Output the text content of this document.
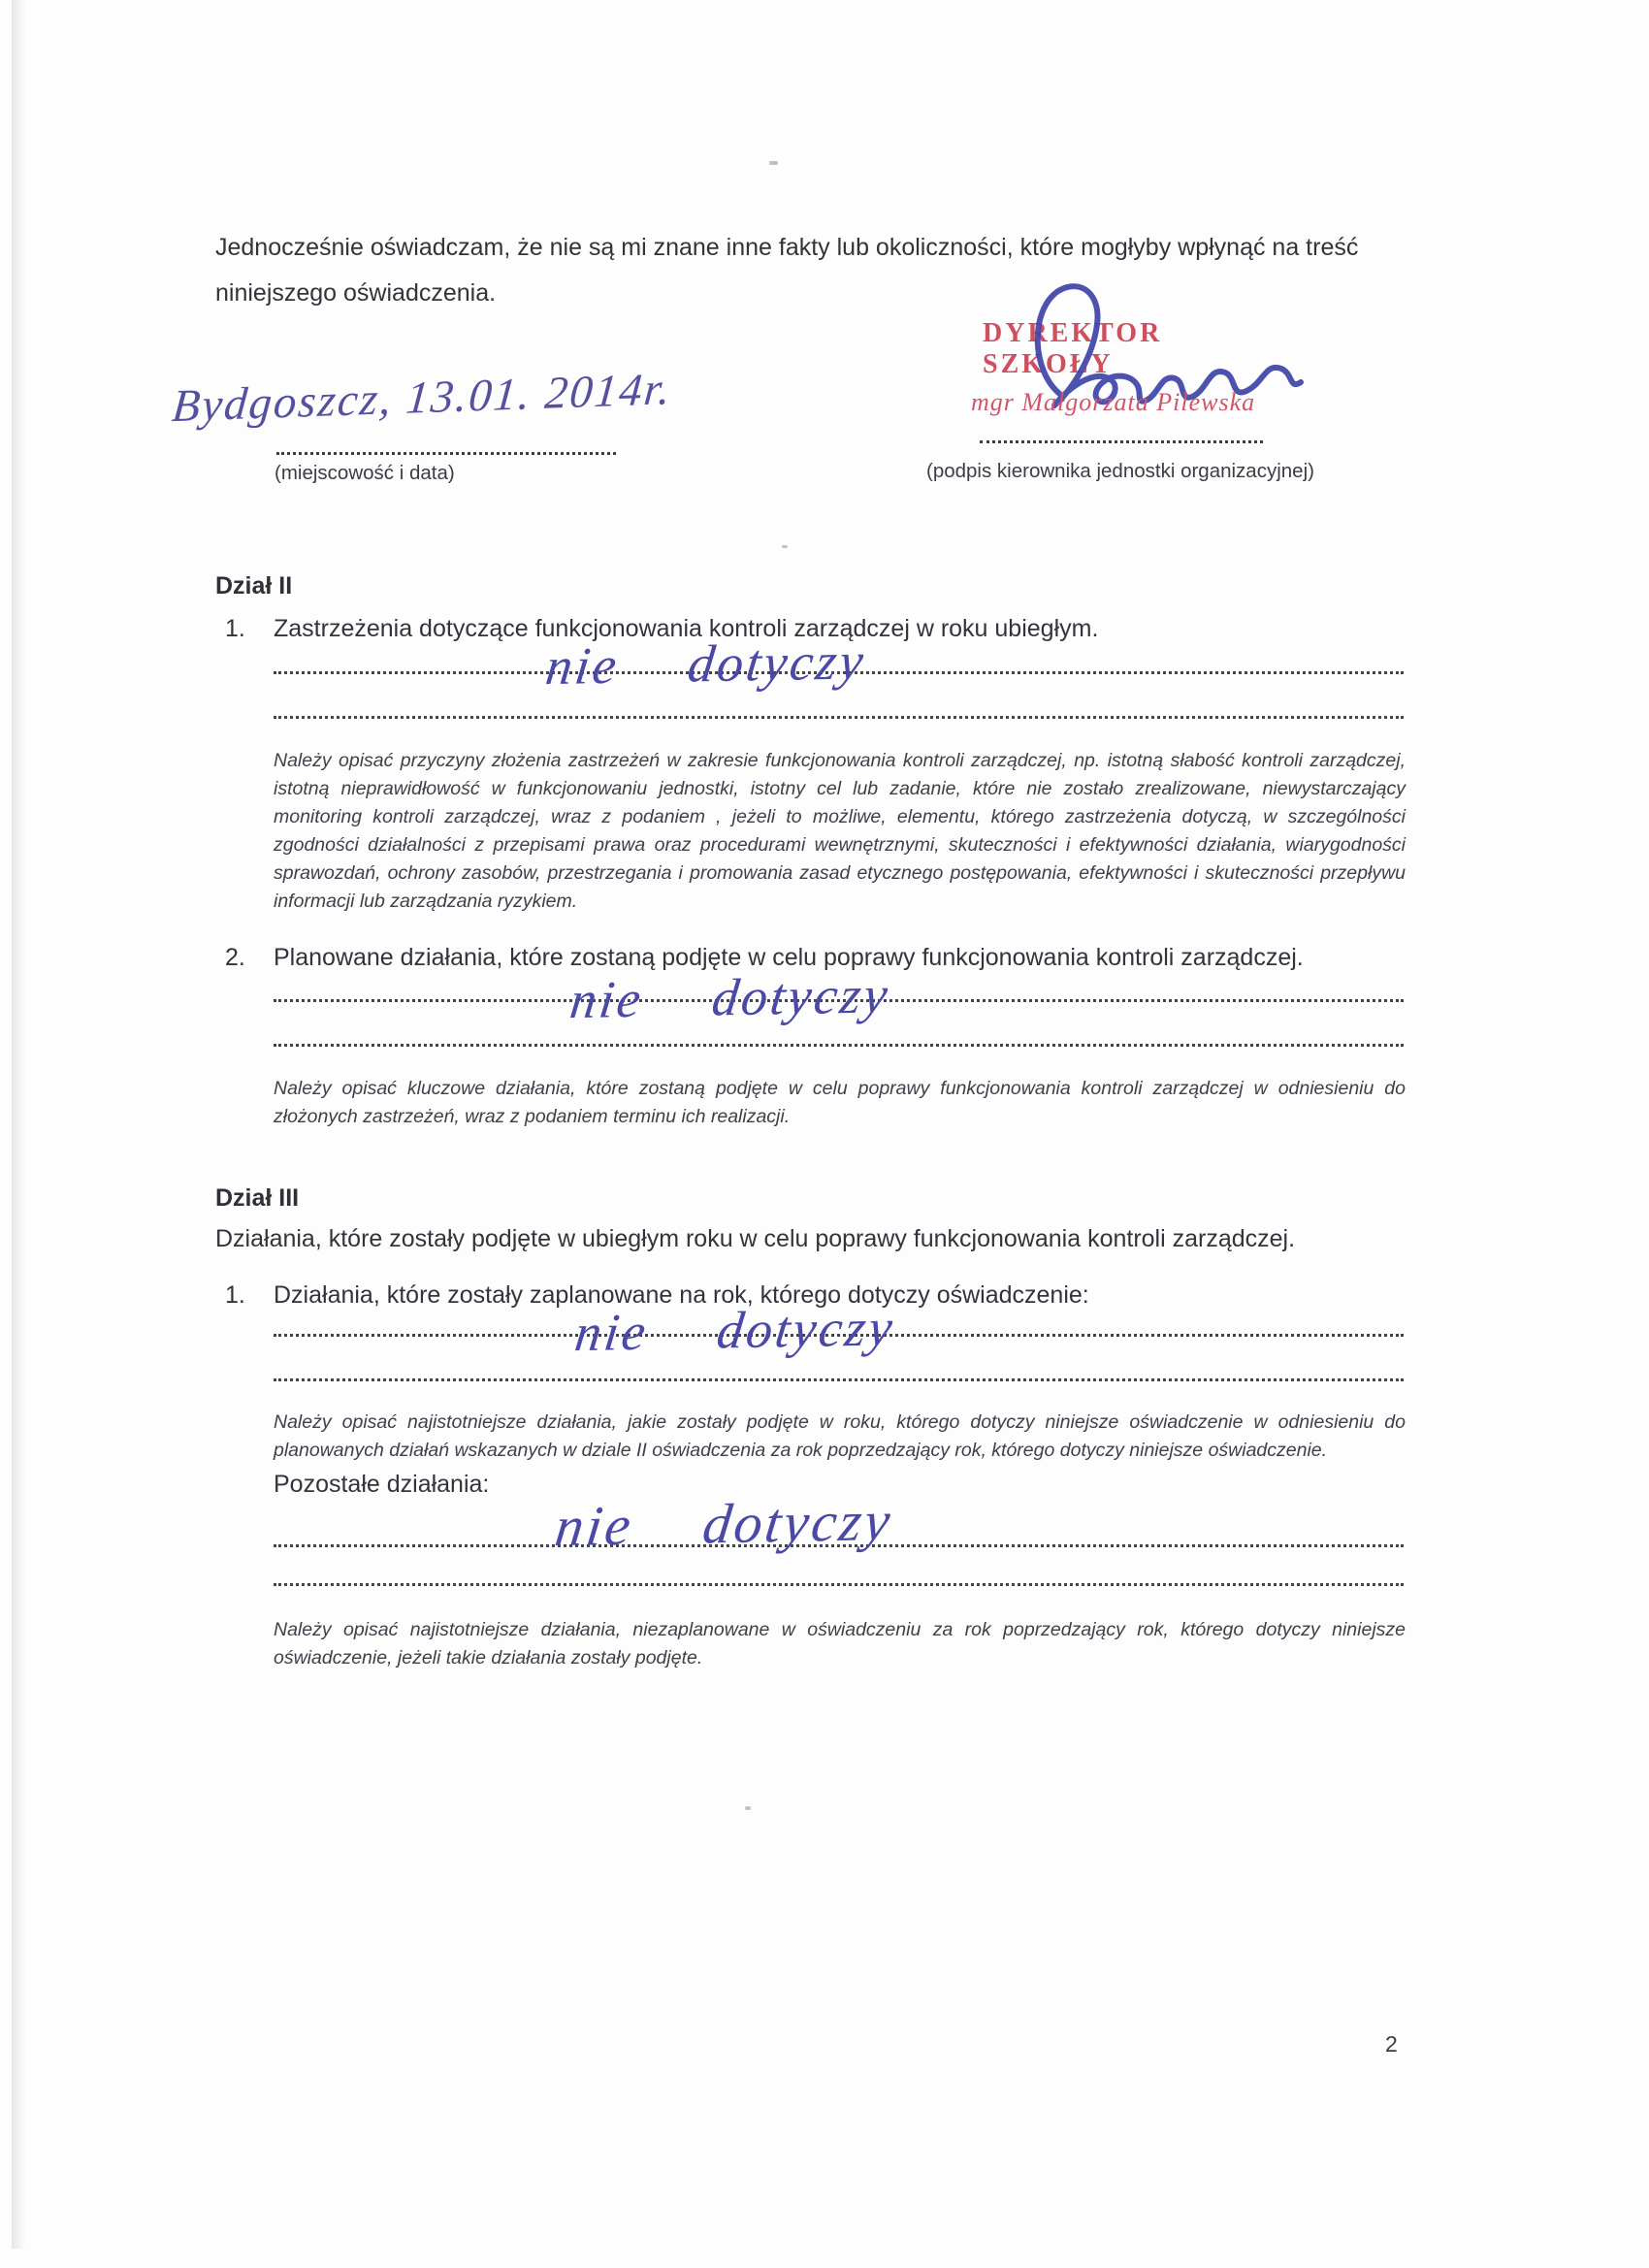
Jednocześnie oświadczam, że nie są mi znane inne fakty lub okoliczności, które mogłyby wpłynąć na treść niniejszego oświadczenia.
DYREKTOR SZKOŁY
mgr Małgorzata Pilewska
(podpis kierownika jednostki organizacyjnej)
Bydgoszcz, 13.01. 2014r.
(miejscowość i data)
Dział II
1.	Zastrzeżenia dotyczące funkcjonowania kontroli zarządczej w roku ubiegłym.
nie dotyczy
Należy opisać przyczyny złożenia zastrzeżeń w zakresie funkcjonowania kontroli zarządczej, np. istotną słabość kontroli zarządczej, istotną nieprawidłowość w funkcjonowaniu jednostki, istotny cel lub zadanie, które nie zostało zrealizowane, niewystarczający monitoring kontroli zarządczej, wraz z podaniem , jeżeli to możliwe, elementu, którego zastrzeżenia dotyczą, w szczególności zgodności działalności z przepisami prawa oraz procedurami wewnętrznymi, skuteczności i efektywności działania, wiarygodności sprawozdań, ochrony zasobów, przestrzegania i promowania zasad etycznego postępowania, efektywności i skuteczności przepływu informacji lub zarządzania ryzykiem.
2.	Planowane działania, które zostaną podjęte w celu poprawy funkcjonowania kontroli zarządczej.
nie dotyczy
Należy opisać kluczowe działania, które zostaną podjęte w celu poprawy funkcjonowania kontroli zarządczej w odniesieniu do złożonych zastrzeżeń, wraz z podaniem terminu ich realizacji.
Dział III
Działania, które zostały podjęte w ubiegłym roku w celu poprawy funkcjonowania kontroli zarządczej.
1.	Działania, które zostały zaplanowane na rok, którego dotyczy oświadczenie:
nie dotyczy
Należy opisać najistotniejsze działania, jakie zostały podjęte w roku, którego dotyczy niniejsze oświadczenie w odniesieniu do planowanych działań wskazanych w dziale II oświadczenia za rok poprzedzający rok, którego dotyczy niniejsze oświadczenie.
Pozostałe działania:
nie dotyczy
Należy opisać najistotniejsze działania, niezaplanowane w oświadczeniu za rok poprzedzający rok, którego dotyczy niniejsze oświadczenie, jeżeli takie działania zostały podjęte.
2
